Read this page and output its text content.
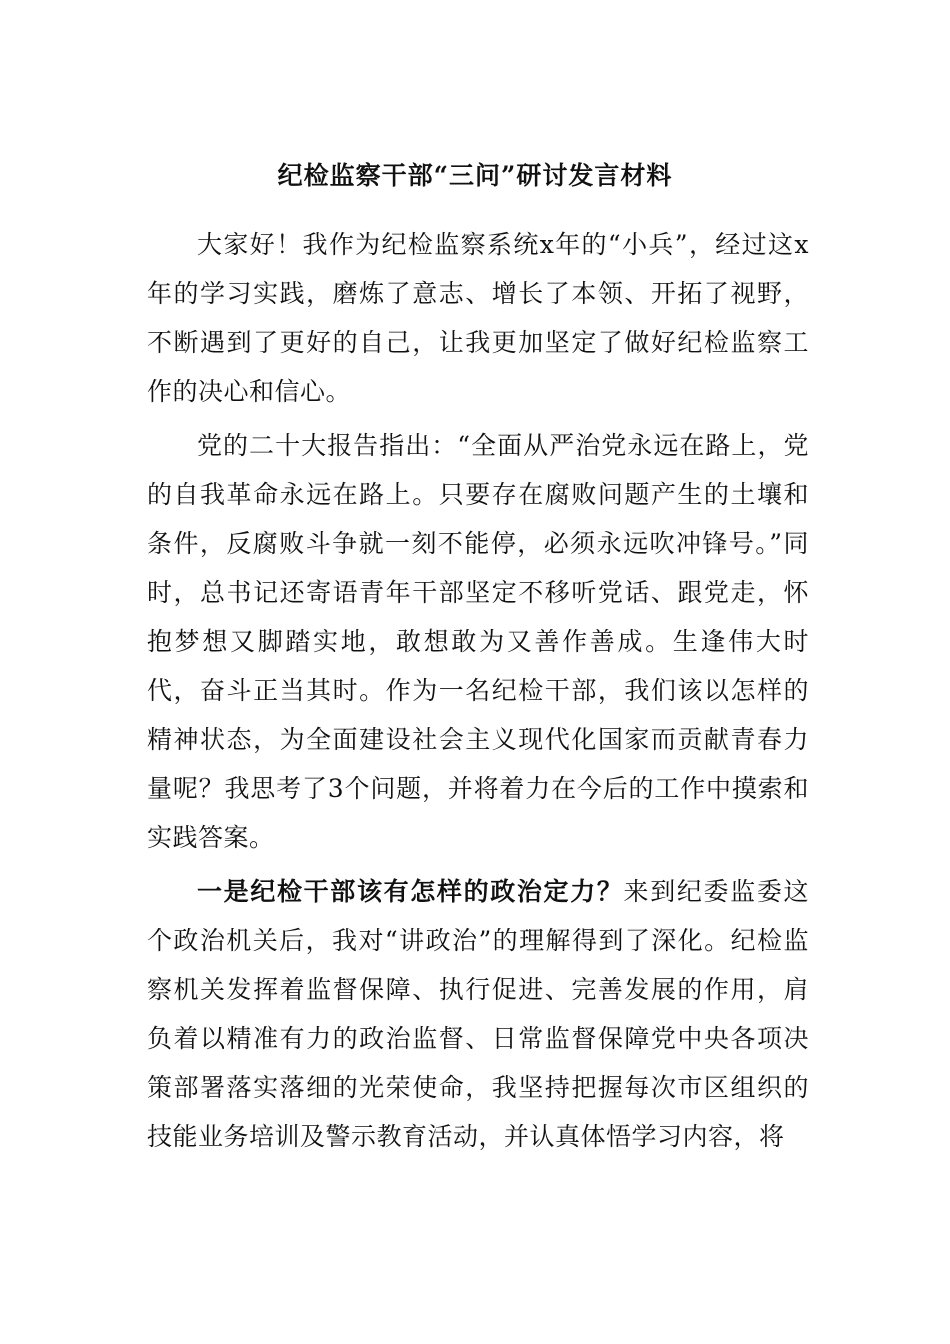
纪检监察干部“三问”研讨发言材料

大家好！我作为纪检监察系统x年的“小兵”，经过这x年的学习实践，磨炼了意志、增长了本领、开拓了视野，不断遇到了更好的自己，让我更加坚定了做好纪检监察工作的决心和信心。

党的二十大报告指出：“全面从严治党永远在路上，党的自我革命永远在路上。只要存在腐败问题产生的土壤和条件，反腐败斗争就一刻不能停，必须永远吹冲锋号。”同时，总书记还寄语青年干部坚定不移听党话、跟党走，怀抱梦想又脚踏实地，敢想敢为又善作善成。生逢伟大时代，奋斗正当其时。作为一名纪检干部，我们该以怎样的精神状态，为全面建设社会主义现代化国家而贡献青春力量呢？我思考了3个问题，并将着力在今后的工作中摸索和实践答案。

一是纪检干部该有怎样的政治定力？来到纪委监委这个政治机关后，我对“讲政治”的理解得到了深化。纪检监察机关发挥着监督保障、执行促进、完善发展的作用，肩负着以精准有力的政治监督、日常监督保障党中央各项决策部署落实落细的光荣使命，我坚持把握每次市区组织的技能业务培训及警示教育活动，并认真体悟学习内容，将
